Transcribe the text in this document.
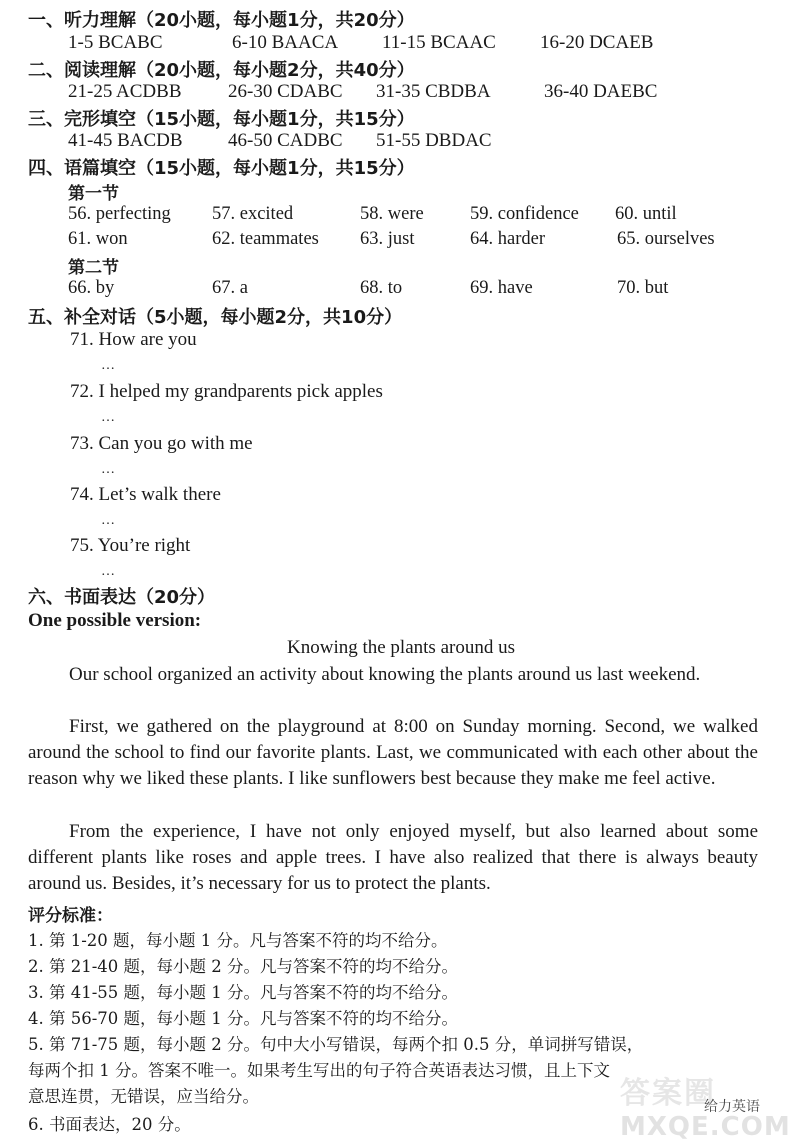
一、听力理解（20小题，每小题1分，共20分）
1-5 BCABC	6-10 BAACA 11-15 BCAAC 16-20 DCAEB
二、阅读理解（20小题，每小题2分，共40分）
21-25 ACDBB 26-30 CDABC 31-35 CBDBA	36-40 DAEBC
三、完形填空（15小题，每小题1分，共15分）
41-45 BACDB 46-50 CADBC 51-55 DBDAC
四、语篇填空（15小题，每小题1分，共15分）
第一节
56. perfecting 57. excited	58. were	59. confidence 60. until
61. won	62. teammates 63. just	64. harder	65. ourselves
第二节
66. by	67. a	68. to	69. have	70. but
五、补全对话（5小题，每小题2分，共10分）
71. How are you
…
72. I helped my grandparents pick apples
…
73. Can you go with me
…
74. Let’s walk there
…
75. You’re right
…
六、书面表达（20分）
One possible version:
Knowing the plants around us
Our school organized an activity about knowing the plants around us last weekend.
First, we gathered on the playground at 8:00 on Sunday morning. Second, we walked around the school to find our favorite plants. Last, we communicated with each other about the reason why we liked these plants. I like sunflowers best because they make me feel active.
From the experience, I have not only enjoyed myself, but also learned about some different plants like roses and apple trees. I have also realized that there is always beauty around us. Besides, it’s necessary for us to protect the plants.
评分标准：
1. 第 1-20 题，每小题 1 分。凡与答案不符的均不给分。
2. 第 21-40 题，每小题 2 分。凡与答案不符的均不给分。
3. 第 41-55 题，每小题 1 分。凡与答案不符的均不给分。
4. 第 56-70 题，每小题 1 分。凡与答案不符的均不给分。
5. 第 71-75 题，每小题 2 分。句中大小写错误，每两个扣 0.5 分，单词拼写错误，
每两个扣 1 分。答案不唯一。如果考生写出的句子符合英语表达习惯，且上下文
意思连贯，无错误，应当给分。
6. 书面表达，20 分。
答案圈
给力英语
MXQE.COM
